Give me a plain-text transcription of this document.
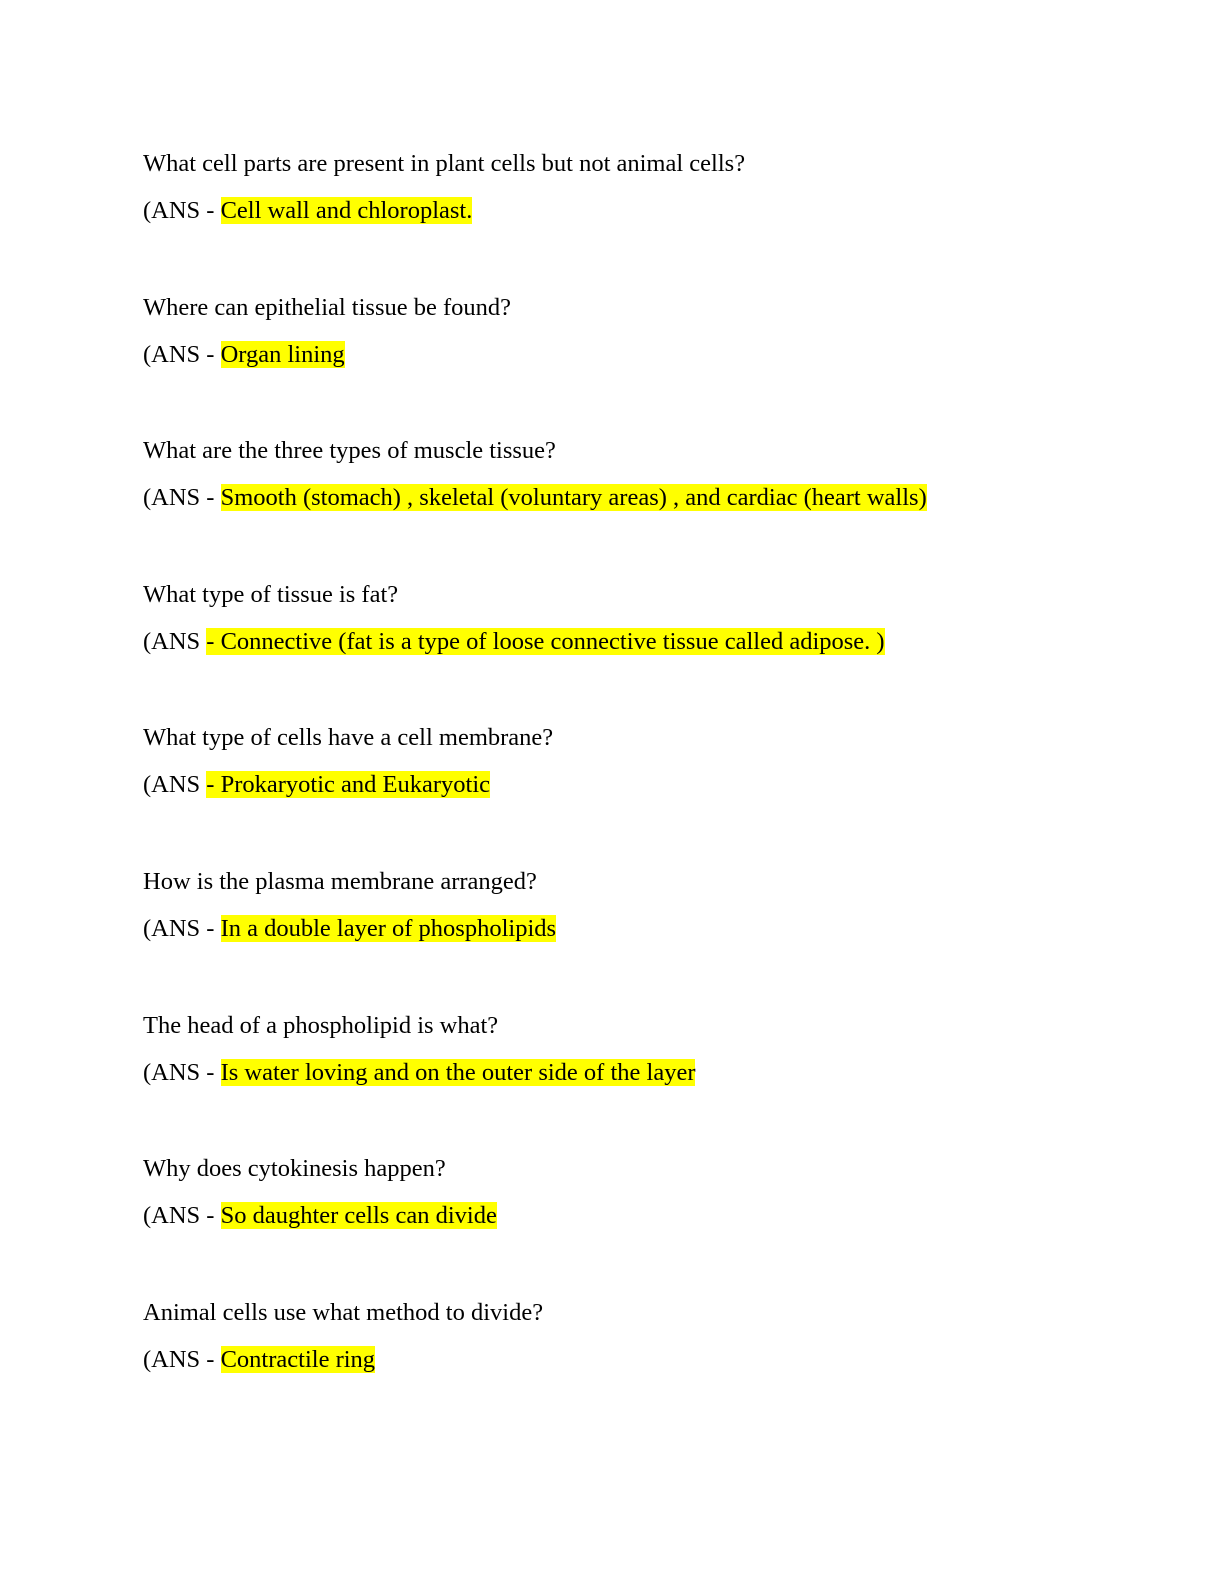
What cell parts are present in plant cells but not animal cells?
(ANS - Cell wall and chloroplast.
Where can epithelial tissue be found?
(ANS - Organ lining
What are the three types of muscle tissue?
(ANS - Smooth (stomach) , skeletal (voluntary areas) , and cardiac (heart walls)
What type of tissue is fat?
(ANS - Connective (fat is a type of loose connective tissue called adipose. )
What type of cells have a cell membrane?
(ANS - Prokaryotic and Eukaryotic
How is the plasma membrane arranged?
(ANS - In a double layer of phospholipids
The head of a phospholipid is what?
(ANS - Is water loving and on the outer side of the layer
Why does cytokinesis happen?
(ANS - So daughter cells can divide
Animal cells use what method to divide?
(ANS - Contractile ring
